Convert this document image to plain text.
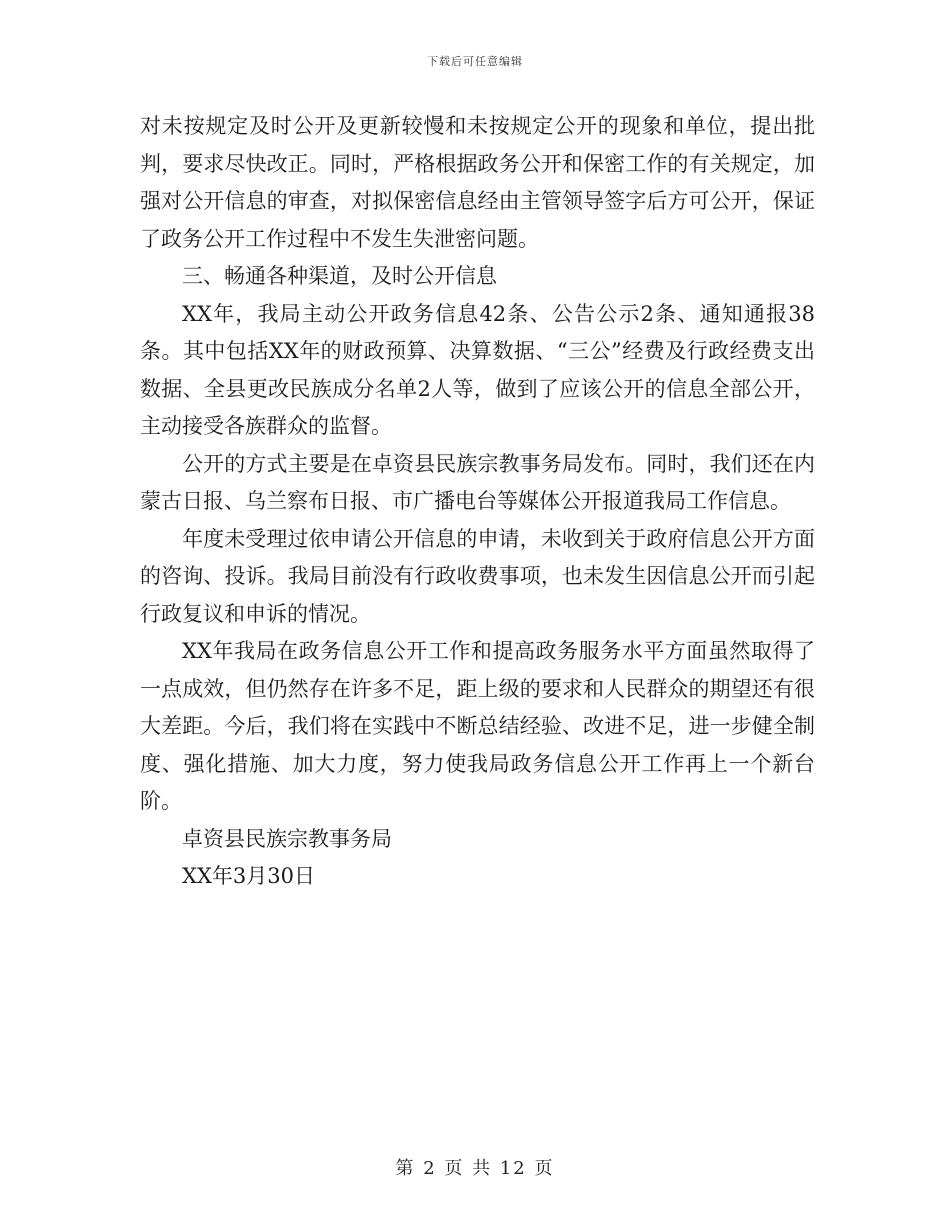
下载后可任意编辑

对未按规定及时公开及更新较慢和未按规定公开的现象和单位，提出批判，要求尽快改正。同时，严格根据政务公开和保密工作的有关规定，加强对公开信息的审查，对拟保密信息经由主管领导签字后方可公开，保证了政务公开工作过程中不发生失泄密问题。

三、畅通各种渠道，及时公开信息

XX年，我局主动公开政务信息42条、公告公示2条、通知通报38条。其中包括XX年的财政预算、决算数据、“三公”经费及行政经费支出数据、全县更改民族成分名单2人等，做到了应该公开的信息全部公开，主动接受各族群众的监督。

公开的方式主要是在卓资县民族宗教事务局发布。同时，我们还在内蒙古日报、乌兰察布日报、市广播电台等媒体公开报道我局工作信息。

年度未受理过依申请公开信息的申请，未收到关于政府信息公开方面的咨询、投诉。我局目前没有行政收费事项，也未发生因信息公开而引起行政复议和申诉的情况。

XX年我局在政务信息公开工作和提高政务服务水平方面虽然取得了一点成效，但仍然存在许多不足，距上级的要求和人民群众的期望还有很大差距。今后，我们将在实践中不断总结经验、改进不足，进一步健全制度、强化措施、加大力度，努力使我局政务信息公开工作再上一个新台阶。

卓资县民族宗教事务局

XX年3月30日

第 2 页 共 12 页
